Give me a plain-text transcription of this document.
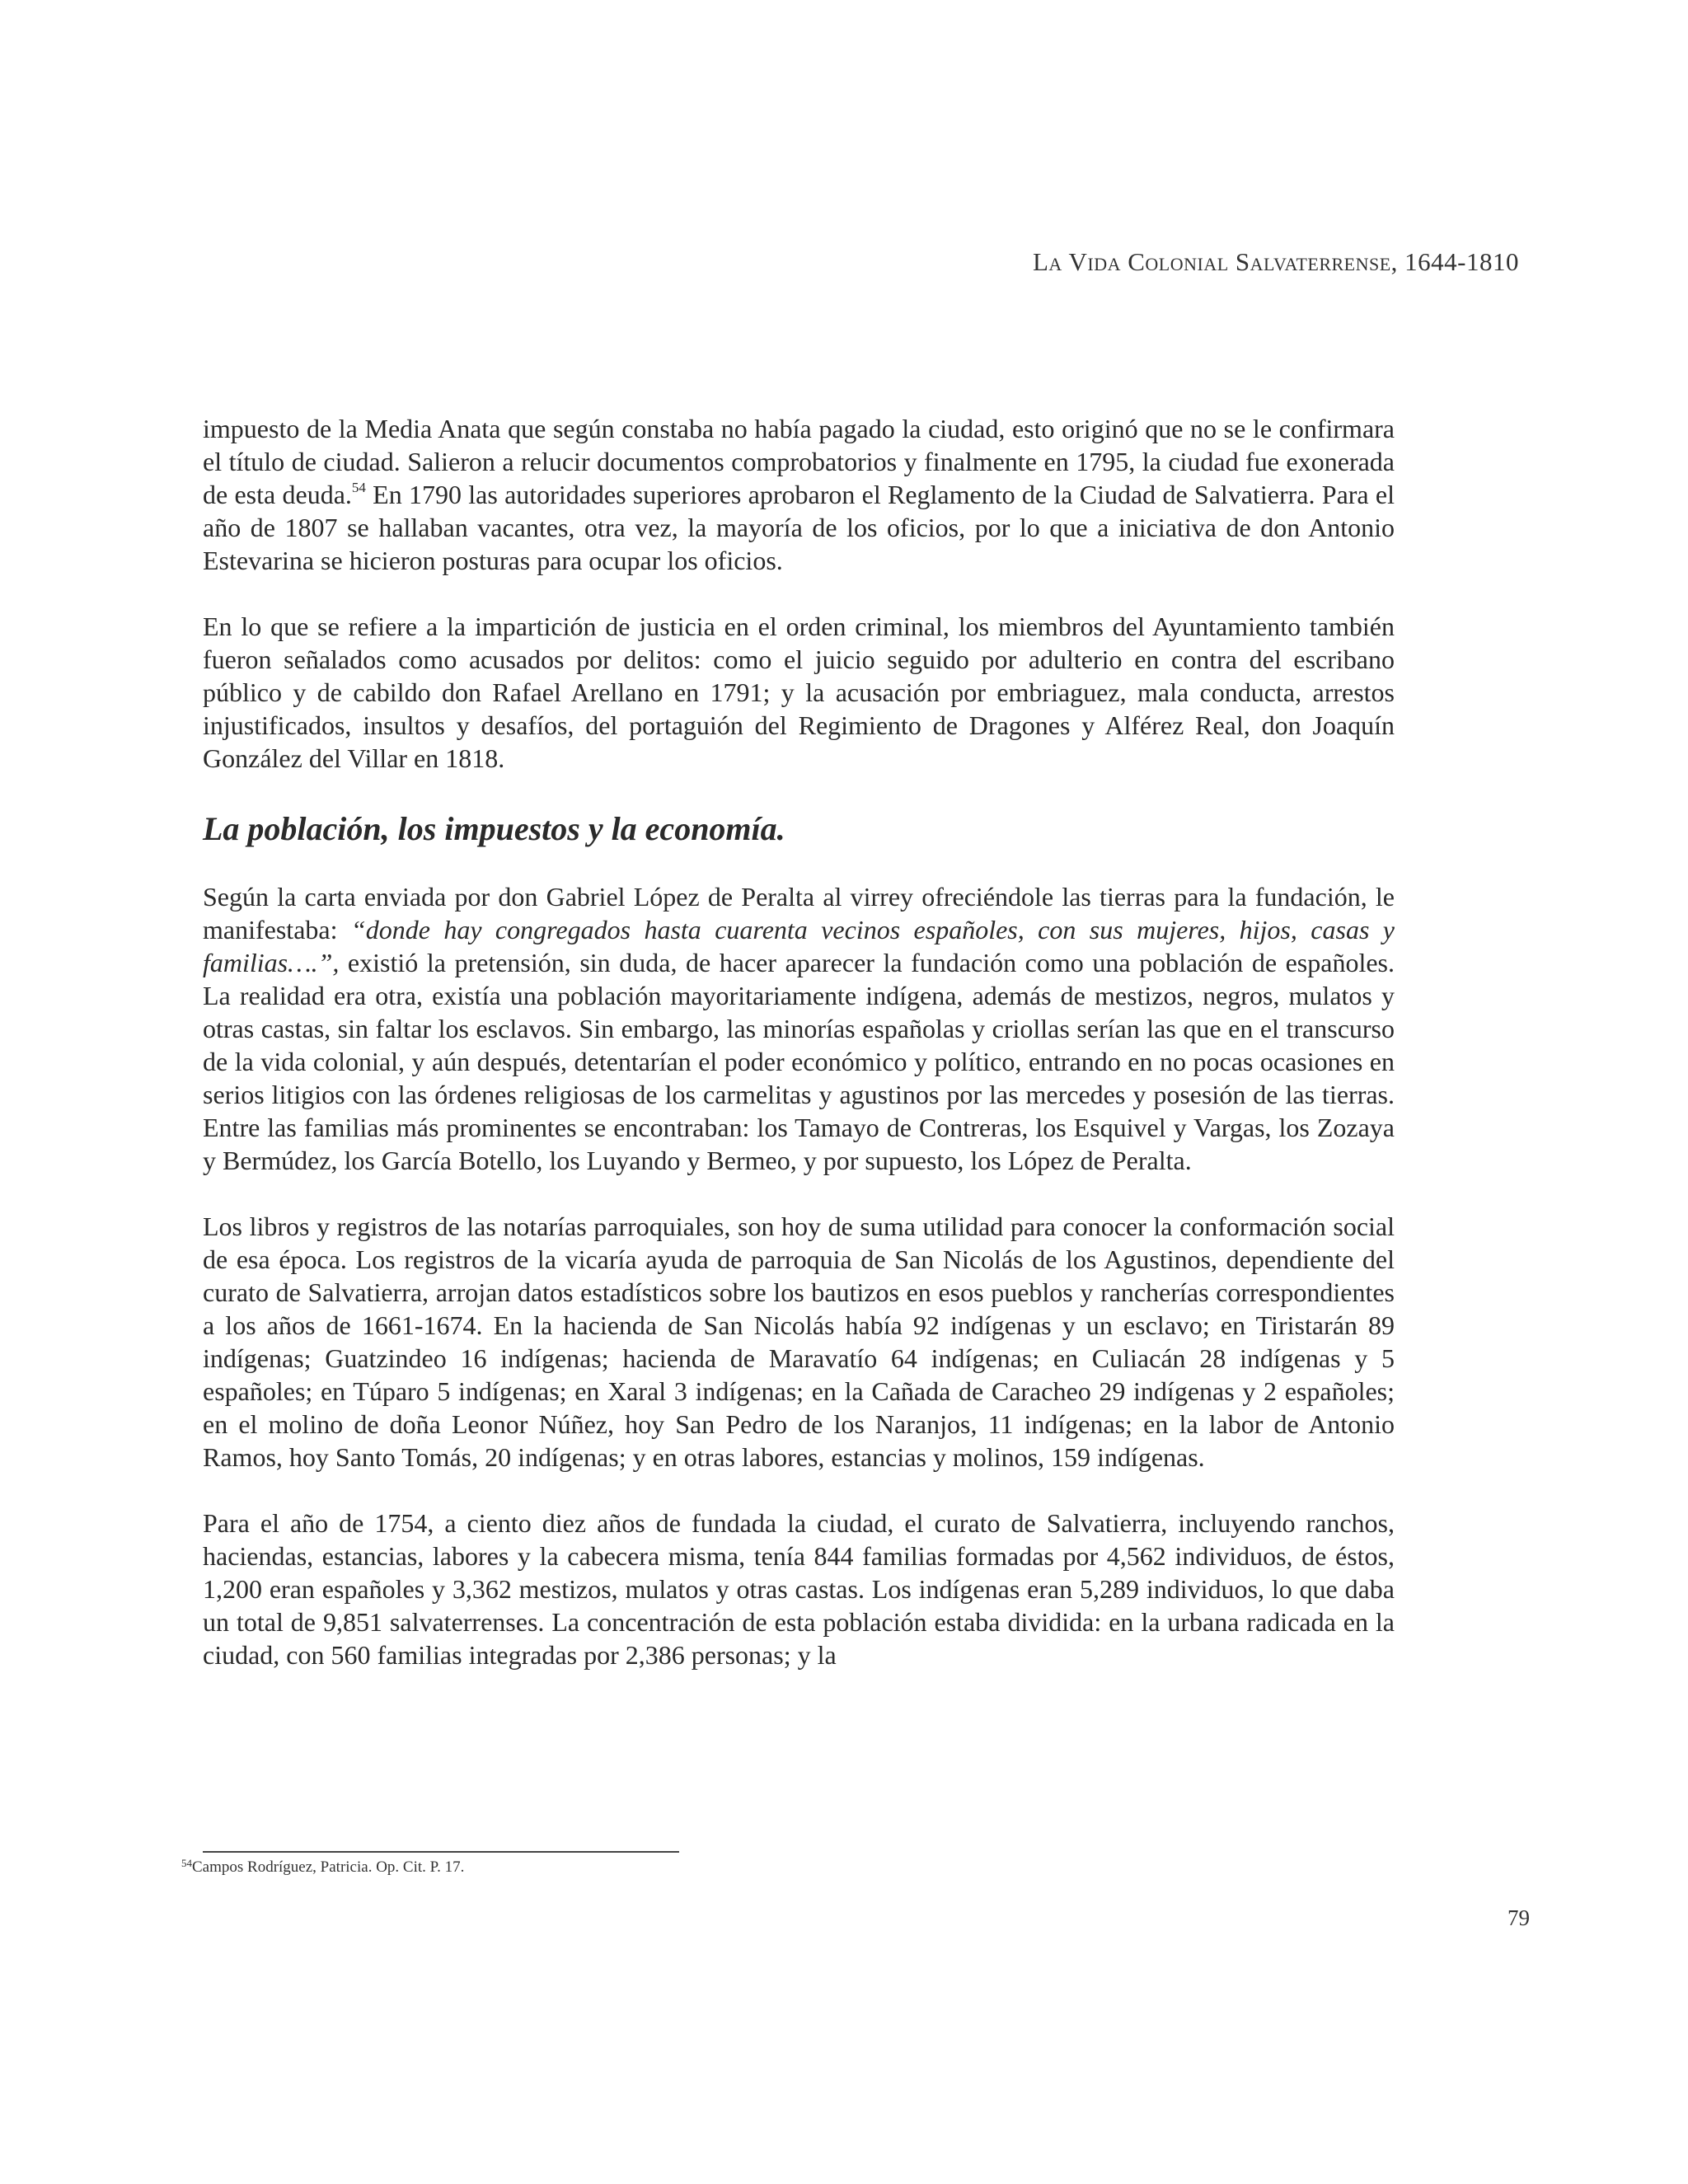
La Vida Colonial Salvaterrense, 1644-1810

impuesto de la Media Anata que según constaba no había pagado la ciudad, esto originó que no se le confirmara el título de ciudad. Salieron a relucir documentos comprobatorios y finalmente en 1795, la ciudad fue exonerada de esta deuda.$^{54}$ En 1790 las autoridades superiores aprobaron el Reglamento de la Ciudad de Salvatierra. Para el año de 1807 se hallaban vacantes, otra vez, la mayoría de los oficios, por lo que a iniciativa de don Antonio Estevarina se hicieron posturas para ocupar los oficios.

En lo que se refiere a la impartición de justicia en el orden criminal, los miembros del Ayuntamiento también fueron señalados como acusados por delitos: como el juicio seguido por adulterio en contra del escribano público y de cabildo don Rafael Arellano en 1791; y la acusación por embriaguez, mala conducta, arrestos injustificados, insultos y desafíos, del portaguión del Regimiento de Dragones y Alférez Real, don Joaquín González del Villar en 1818.

La población, los impuestos y la economía.

Según la carta enviada por don Gabriel López de Peralta al virrey ofreciéndole las tierras para la fundación, le manifestaba: “donde hay congregados hasta cuarenta vecinos españoles, con sus mujeres, hijos, casas y familias….”, existió la pretensión, sin duda, de hacer aparecer la fundación como una población de españoles. La realidad era otra, existía una población mayoritariamente indígena, además de mestizos, negros, mulatos y otras castas, sin faltar los esclavos. Sin embargo, las minorías españolas y criollas serían las que en el transcurso de la vida colonial, y aún después, detentarían el poder económico y político, entrando en no pocas ocasiones en serios litigios con las órdenes religiosas de los carmelitas y agustinos por las mercedes y posesión de las tierras. Entre las familias más prominentes se encontraban: los Tamayo de Contreras, los Esquivel y Vargas, los Zozaya y Bermúdez, los García Botello, los Luyando y Bermeo, y por supuesto, los López de Peralta.

Los libros y registros de las notarías parroquiales, son hoy de suma utilidad para conocer la conformación social de esa época. Los registros de la vicaría ayuda de parroquia de San Nicolás de los Agustinos, dependiente del curato de Salvatierra, arrojan datos estadísticos sobre los bautizos en esos pueblos y rancherías correspondientes a los años de 1661-1674. En la hacienda de San Nicolás había 92 indígenas y un esclavo; en Tiristarán 89 indígenas; Guatzindeo 16 indígenas; hacienda de Maravatío 64 indígenas; en Culiacán 28 indígenas y 5 españoles; en Túparo 5 indígenas; en Xaral 3 indígenas; en la Cañada de Caracheo 29 indígenas y 2 españoles; en el molino de doña Leonor Núñez, hoy San Pedro de los Naranjos, 11 indígenas; en la labor de Antonio Ramos, hoy Santo Tomás, 20 indígenas; y en otras labores, estancias y molinos, 159 indígenas.

Para el año de 1754, a ciento diez años de fundada la ciudad, el curato de Salvatierra, incluyendo ranchos, haciendas, estancias, labores y la cabecera misma, tenía 844 familias formadas por 4,562 individuos, de éstos, 1,200 eran españoles y 3,362 mestizos, mulatos y otras castas. Los indígenas eran 5,289 individuos, lo que daba un total de 9,851 salvaterrenses. La concentración de esta población estaba dividida: en la urbana radicada en la ciudad, con 560 familias integradas por 2,386 personas; y la

$^{54}$Campos Rodríguez, Patricia. Op. Cit. P. 17.
79
